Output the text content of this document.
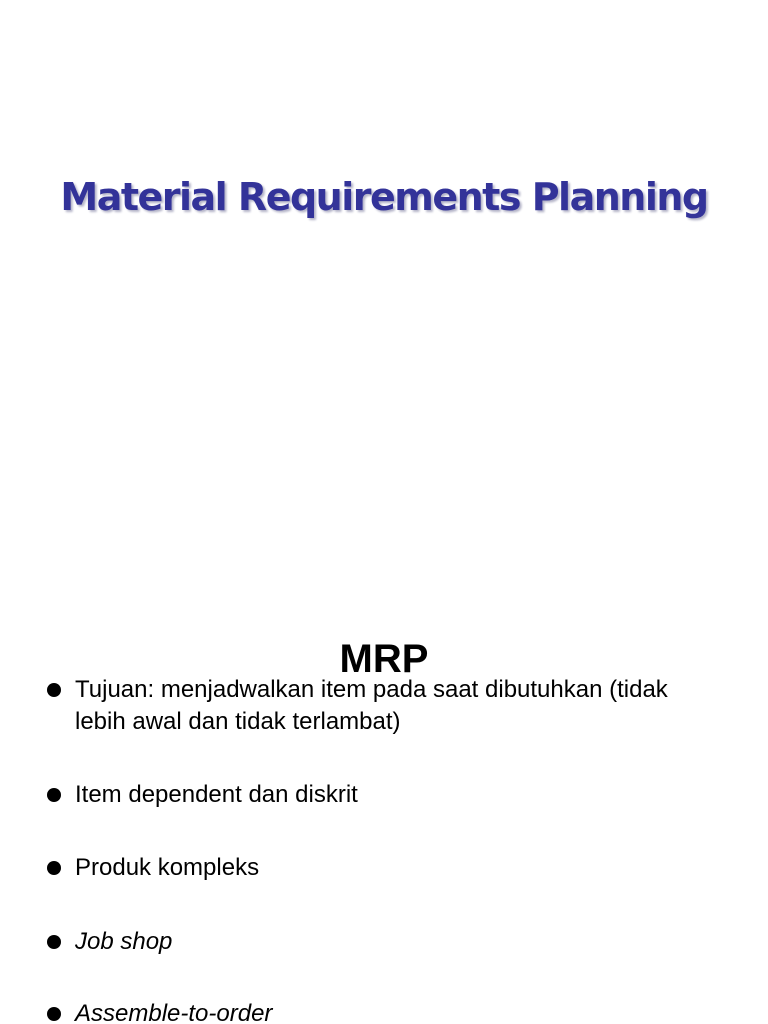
Material Requirements Planning
MRP
Tujuan: menjadwalkan item pada saat dibutuhkan (tidak lebih awal dan tidak terlambat)
Item dependent dan diskrit
Produk kompleks
Job shop
Assemble-to-order
